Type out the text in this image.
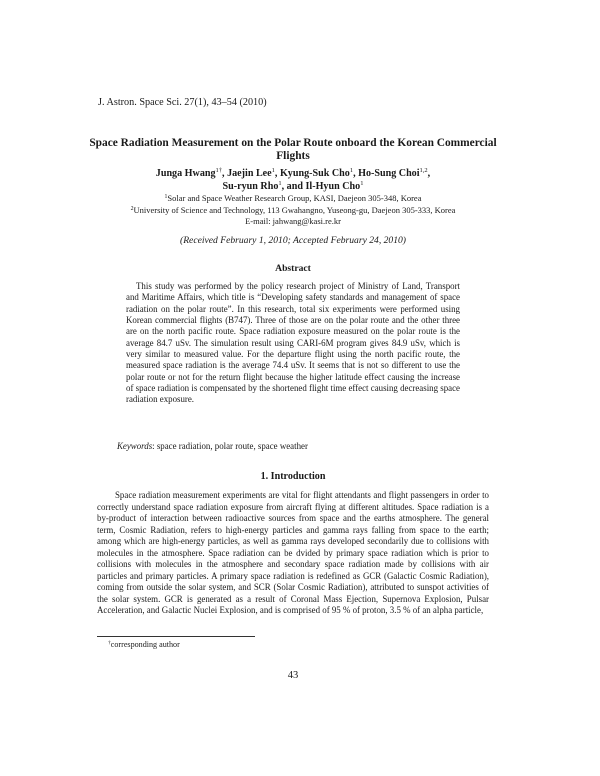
J. Astron. Space Sci. 27(1), 43–54 (2010)
Space Radiation Measurement on the Polar Route onboard the Korean Commercial Flights
Junga Hwang$^{1\dagger}$, Jaejin Lee$^1$, Kyung-Suk Cho$^1$, Ho-Sung Choi$^{1,2}$,
Su-ryun Rho$^1$, and Il-Hyun Cho$^1$
$^1$Solar and Space Weather Research Group, KASI, Daejeon 305-348, Korea
$^2$University of Science and Technology, 113 Gwahangno, Yuseong-gu, Daejeon 305-333, Korea
E-mail: jahwang@kasi.re.kr
(Received February 1, 2010; Accepted February 24, 2010)
Abstract

This study was performed by the policy research project of Ministry of Land, Transport and Maritime Affairs, which title is “Developing safety standards and management of space radiation on the polar route”. In this research, total six experiments were performed using Korean commercial flights (B747). Three of those are on the polar route and the other three are on the north pacific route. Space radiation exposure measured on the polar route is the average 84.7 uSv. The simulation result using CARI-6M program gives 84.9 uSv, which is very similar to measured value. For the departure flight using the north pacific route, the measured space radiation is the average 74.4 uSv. It seems that is not so different to use the polar route or not for the return flight because the higher latitude effect causing the increase of space radiation is compensated by the shortened flight time effect causing decreasing space radiation exposure.

Keywords: space radiation, polar route, space weather
1. Introduction

Space radiation measurement experiments are vital for flight attendants and flight passengers in order to correctly understand space radiation exposure from aircraft flying at different altitudes. Space radiation is a by-product of interaction between radioactive sources from space and the earths atmosphere. The general term, Cosmic Radiation, refers to high-energy particles and gamma rays falling from space to the earth; among which are high-energy particles, as well as gamma rays developed secondarily due to collisions with molecules in the atmosphere. Space radiation can be dvided by primary space radiation which is prior to collisions with molecules in the atmosphere and secondary space radiation made by collisions with air particles and primary particles. A primary space radiation is redefined as GCR (Galactic Cosmic Radiation), coming from outside the solar system, and SCR (Solar Cosmic Radiation), attributed to sunspot activities of the solar system. GCR is generated as a result of Coronal Mass Ejection, Supernova Explosion, Pulsar Acceleration, and Galactic Nuclei Explosion, and is comprised of 95 % of proton, 3.5 % of an alpha particle,

†corresponding author
43
